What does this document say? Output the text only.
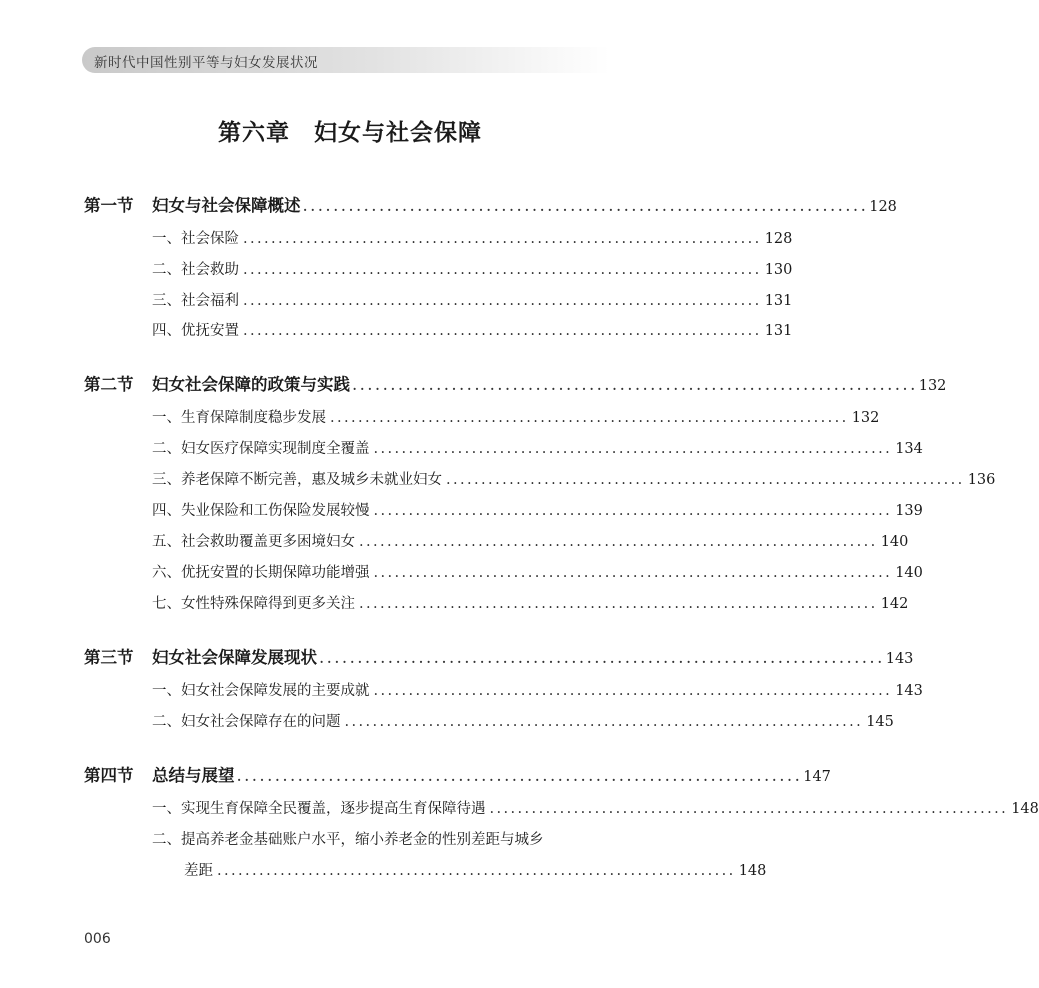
新时代中国性别平等与妇女发展状况
第六章　妇女与社会保障
第一节	妇女与社会保障概述 .......................................................................... 128
一、社会保险 .......................................................................... 128
二、社会救助 .......................................................................... 130
三、社会福利 .......................................................................... 131
四、优抚安置 .......................................................................... 131
第二节	妇女社会保障的政策与实践 .......................................................................... 132
一、生育保障制度稳步发展 .......................................................................... 132
二、妇女医疗保障实现制度全覆盖 .......................................................................... 134
三、养老保障不断完善，惠及城乡未就业妇女 .......................................................................... 136
四、失业保险和工伤保险发展较慢 .......................................................................... 139
五、社会救助覆盖更多困境妇女 .......................................................................... 140
六、优抚安置的长期保障功能增强 .......................................................................... 140
七、女性特殊保障得到更多关注 .......................................................................... 142
第三节	妇女社会保障发展现状 .......................................................................... 143
一、妇女社会保障发展的主要成就 .......................................................................... 143
二、妇女社会保障存在的问题 .......................................................................... 145
第四节	总结与展望 .......................................................................... 147
一、实现生育保障全民覆盖，逐步提高生育保障待遇 .......................................................................... 148
二、提高养老金基础账户水平，缩小养老金的性别差距与城乡
差距 .......................................................................... 148
006
